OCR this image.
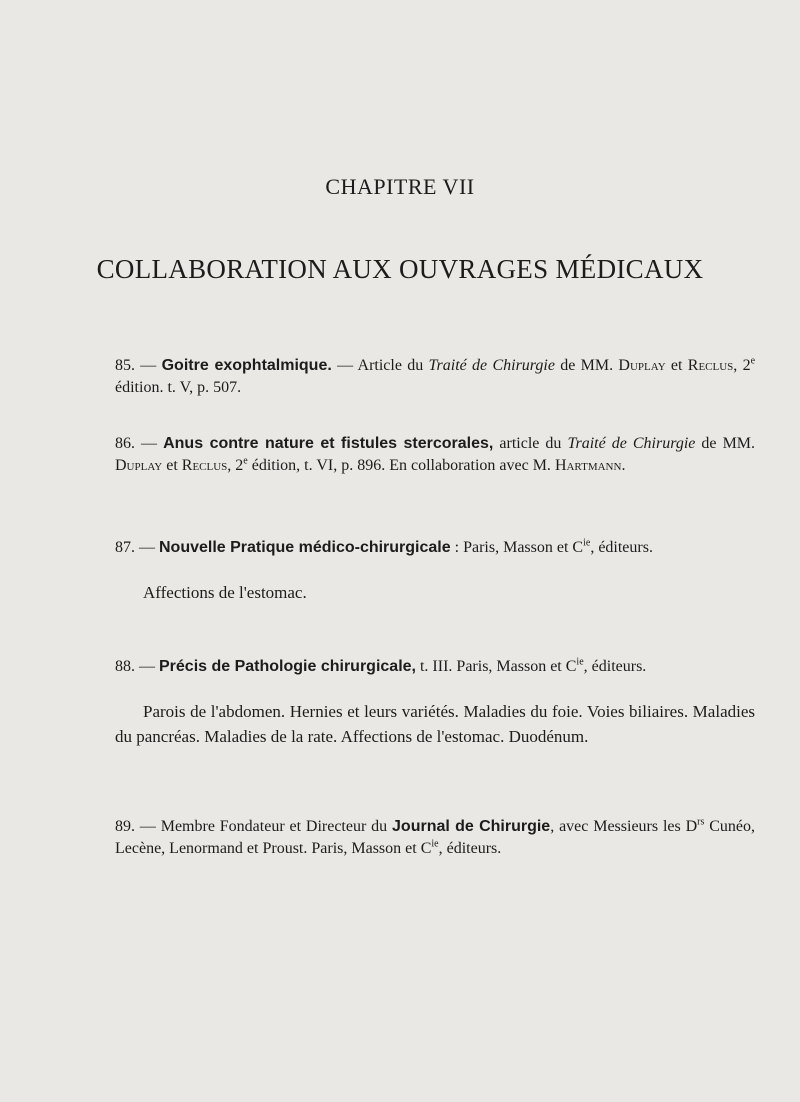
CHAPITRE VII
COLLABORATION AUX OUVRAGES MÉDICAUX
85. — Goitre exophtalmique. — Article du Traité de Chirurgie de MM. Duplay et Reclus, 2e édition. t. V, p. 507.
86. — Anus contre nature et fistules stercorales, article du Traité de Chirurgie de MM. Duplay et Reclus, 2e édition, t. VI, p. 896. En collaboration avec M. Hartmann.
87. — Nouvelle Pratique médico-chirurgicale : Paris, Masson et $C^{ie}$, éditeurs.
Affections de l'estomac.
88. — Précis de Pathologie chirurgicale, t. III. Paris, Masson et $C^{ie}$, éditeurs.
Parois de l'abdomen. Hernies et leurs variétés. Maladies du foie. Voies biliaires. Maladies du pancréas. Maladies de la rate. Affections de l'estomac. Duodénum.
89. — Membre Fondateur et Directeur du Journal de Chirurgie, avec Messieurs les $D^{rs}$ Cunéo, Lecène, Lenormand et Proust. Paris, Masson et $C^{ie}$, éditeurs.
